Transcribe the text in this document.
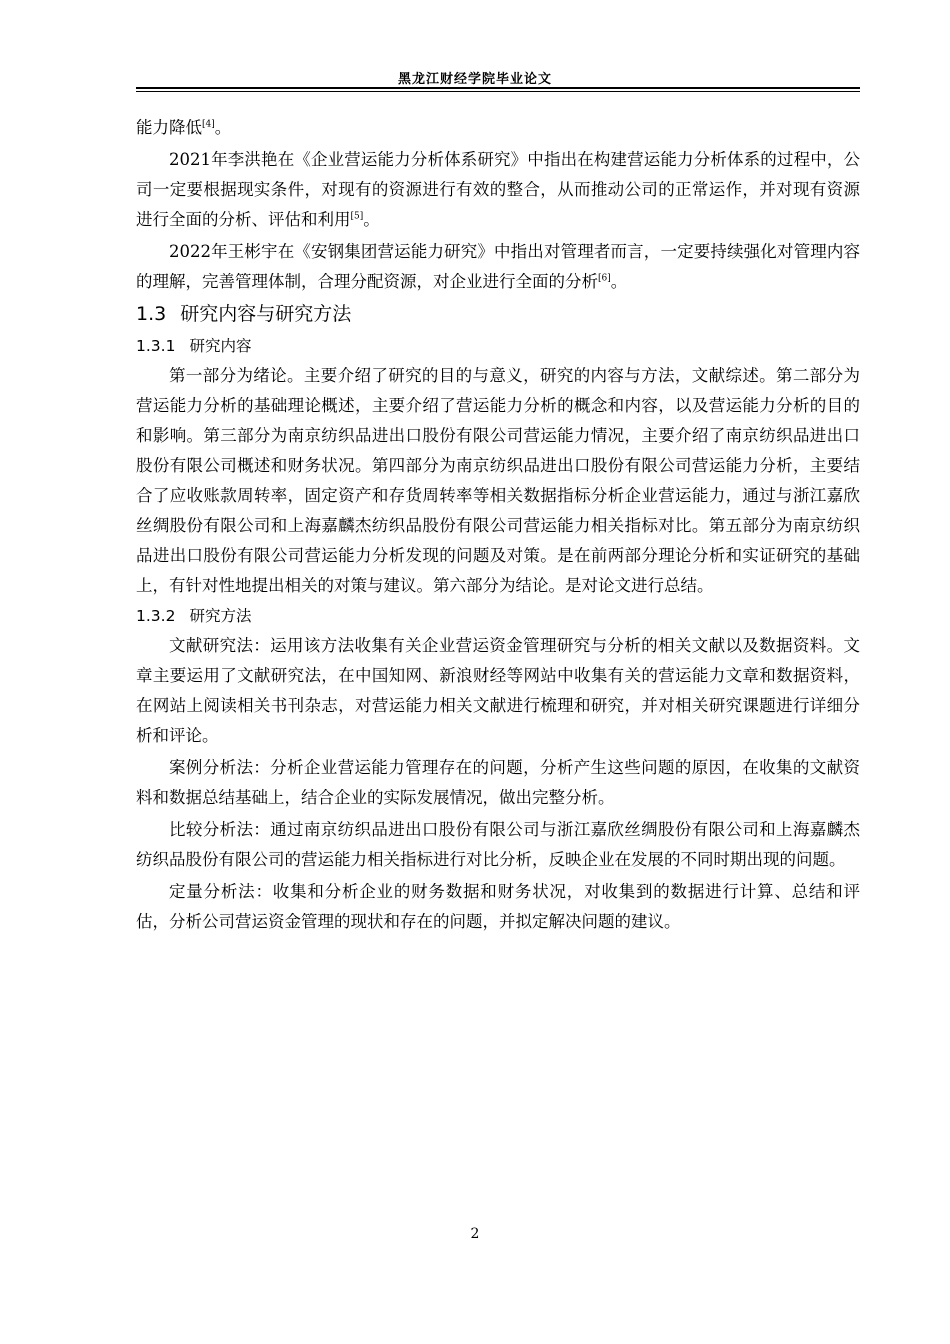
黑龙江财经学院毕业论文

能力降低[4]。

2021年李洪艳在《企业营运能力分析体系研究》中指出在构建营运能力分析体系的过程中，公司一定要根据现实条件，对现有的资源进行有效的整合，从而推动公司的正常运作，并对现有资源进行全面的分析、评估和利用[5]。

2022年王彬宇在《安钢集团营运能力研究》中指出对管理者而言，一定要持续强化对管理内容的理解，完善管理体制，合理分配资源，对企业进行全面的分析[6]。

1.3 研究内容与研究方法
1.3.1 研究内容

第一部分为绪论。主要介绍了研究的目的与意义，研究的内容与方法，文献综述。第二部分为营运能力分析的基础理论概述，主要介绍了营运能力分析的概念和内容，以及营运能力分析的目的和影响。第三部分为南京纺织品进出口股份有限公司营运能力情况，主要介绍了南京纺织品进出口股份有限公司概述和财务状况。第四部分为南京纺织品进出口股份有限公司营运能力分析，主要结合了应收账款周转率，固定资产和存货周转率等相关数据指标分析企业营运能力，通过与浙江嘉欣丝绸股份有限公司和上海嘉麟杰纺织品股份有限公司营运能力相关指标对比。第五部分为南京纺织品进出口股份有限公司营运能力分析发现的问题及对策。是在前两部分理论分析和实证研究的基础上，有针对性地提出相关的对策与建议。第六部分为结论。是对论文进行总结。

1.3.2 研究方法

文献研究法：运用该方法收集有关企业营运资金管理研究与分析的相关文献以及数据资料。文章主要运用了文献研究法，在中国知网、新浪财经等网站中收集有关的营运能力文章和数据资料，在网站上阅读相关书刊杂志，对营运能力相关文献进行梳理和研究，并对相关研究课题进行详细分析和评论。

案例分析法：分析企业营运能力管理存在的问题，分析产生这些问题的原因，在收集的文献资料和数据总结基础上，结合企业的实际发展情况，做出完整分析。

比较分析法：通过南京纺织品进出口股份有限公司与浙江嘉欣丝绸股份有限公司和上海嘉麟杰纺织品股份有限公司的营运能力相关指标进行对比分析，反映企业在发展的不同时期出现的问题。

定量分析法：收集和分析企业的财务数据和财务状况，对收集到的数据进行计算、总结和评估，分析公司营运资金管理的现状和存在的问题，并拟定解决问题的建议。

2
